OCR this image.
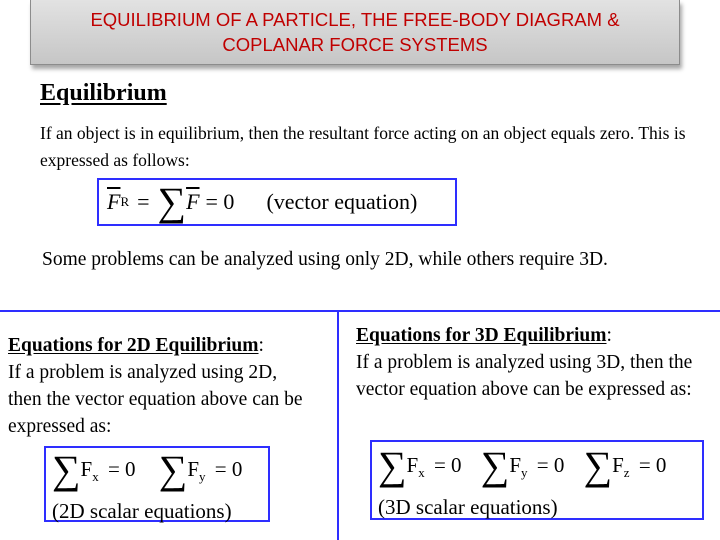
EQUILIBRIUM OF A PARTICLE, THE FREE-BODY DIAGRAM & COPLANAR FORCE SYSTEMS
Equilibrium
If an object is in equilibrium, then the resultant force acting on an object equals zero. This is expressed as follows:
$\overline{F}$ R = ∑ $\overline{F} = 0$ (vector equation)
Some problems can be analyzed using only 2D, while others require 3D.
Equations for 2D Equilibrium:
If a problem is analyzed using 2D, then the vector equation above can be expressed as:
$\sum F_x = 0$ $\sum F_y = 0$
(2D scalar equations)
Equations for 3D Equilibrium:
If a problem is analyzed using 3D, then the vector equation above can be expressed as:
$\sum F_x = 0$ $\sum F_y = 0$ $\sum F_z = 0$
(3D scalar equations)
